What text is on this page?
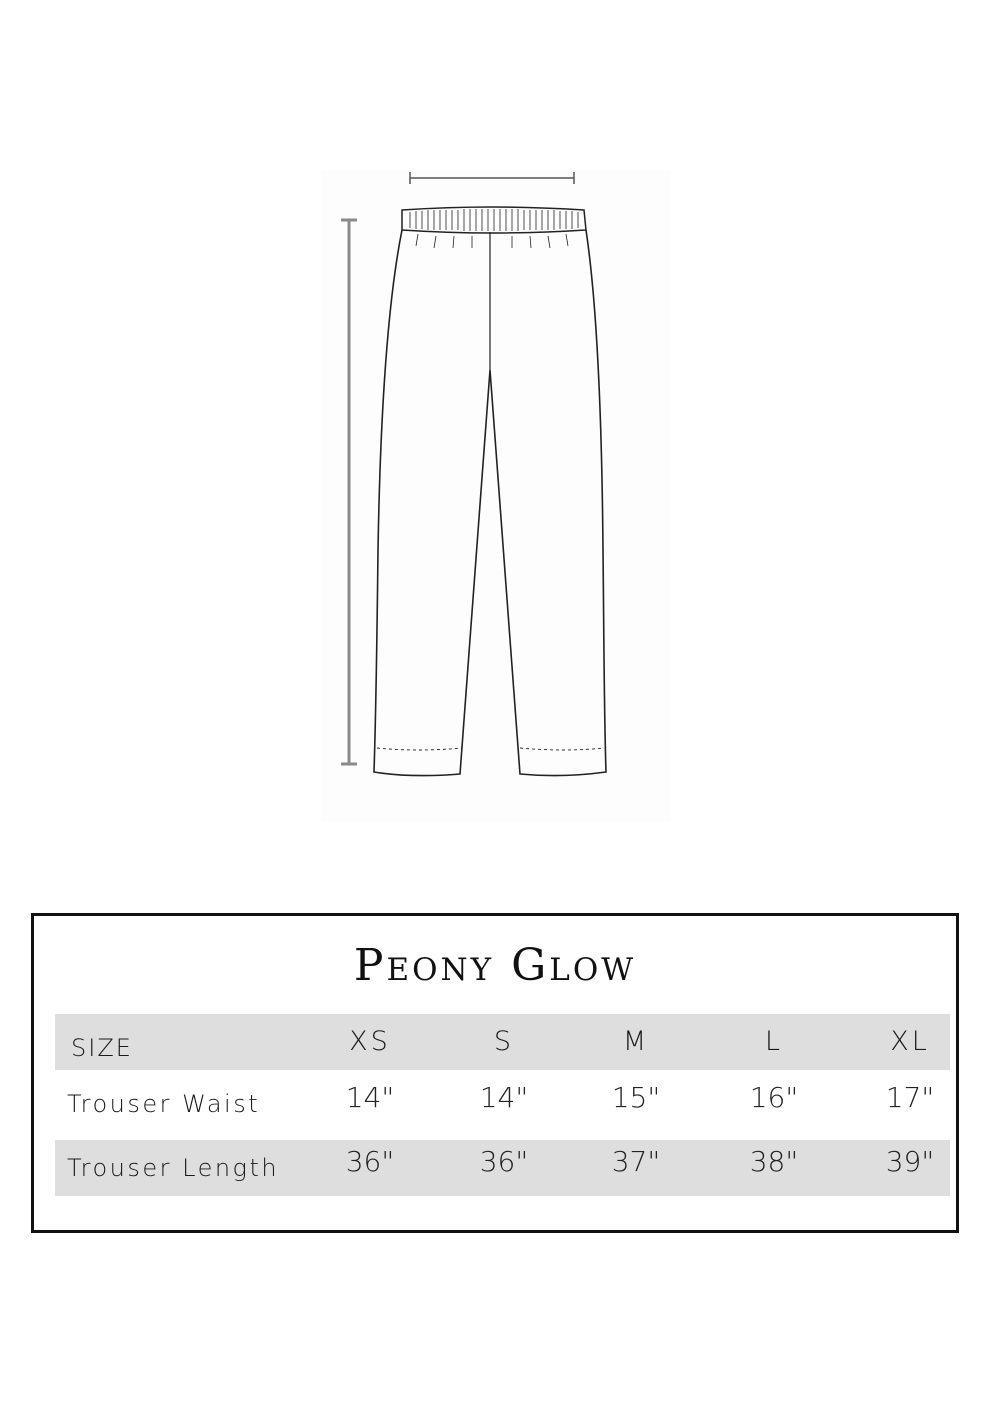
Peony Glow
SIZE	XS	S	M	L	XL
Trouser Waist	14"	14"	15"	16"	17"
Trouser Length	36"	36"	37"	38"	39"
